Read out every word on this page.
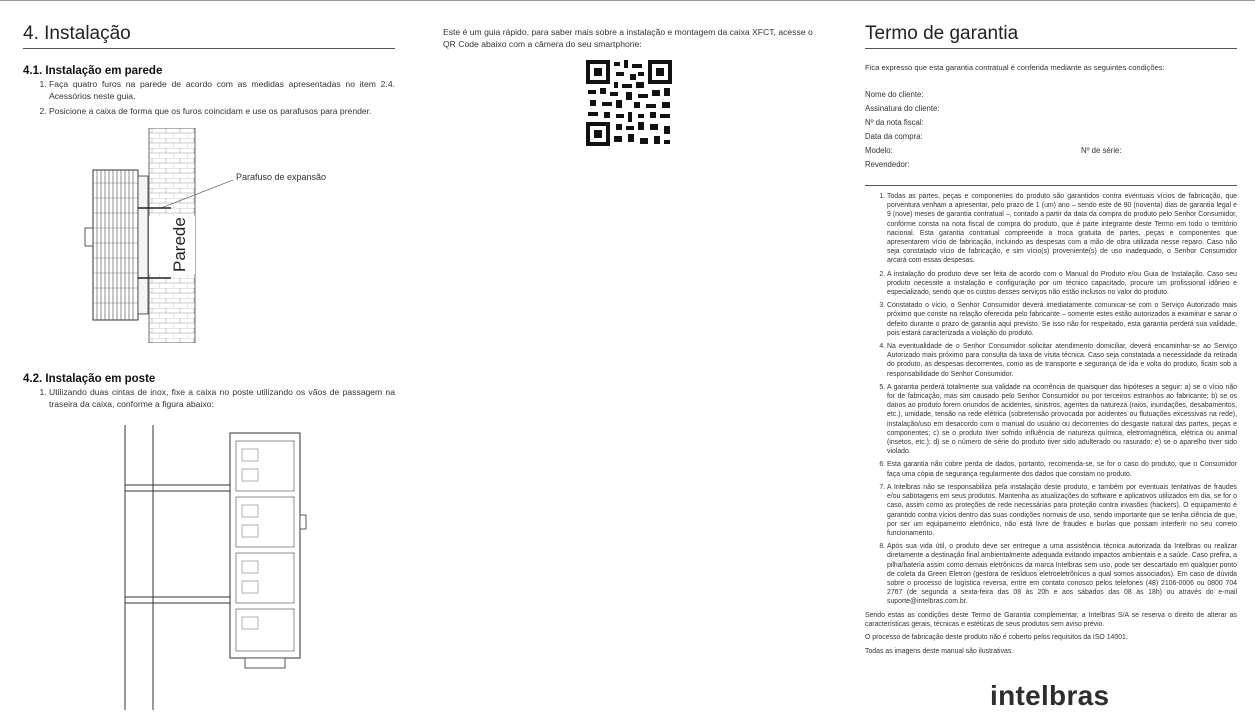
4. Instalação
4.1. Instalação em parede
1. Faça quatro furos na parede de acordo com as medidas apresentadas no item 2.4. Acessórios neste guia.
2. Posicione a caixa de forma que os furos coincidam e use os parafusos para prender.
Parede
Parafuso de expansão
4.2. Instalação em poste
1. Utilizando duas cintas de inox, fixe a caixa no poste utilizando os vãos de passagem na traseira da caixa, conforme a figura abaixo:
Este é um guia rápido, para saber mais sobre a instalação e montagem da caixa XFCT, acesse o QR Code abaixo com a câmera do seu smartphone:	Termo de garantia
Fica expresso que esta garantia contratual é conferida mediante as seguintes condições:
Nome do cliente:
Assinatura do cliente:
Nº da nota fiscal:
Data da compra:
Modelo:	Nº de série:
Revendedor:
1. Todas as partes, peças e componentes do produto são garantidos contra eventuais vícios de fabricação, que porventura venham a apresentar, pelo prazo de 1 (um) ano – sendo este de 90 (noventa) dias de garantia legal e 9 (nove) meses de garantia contratual –, contado a partir da data da compra do produto pelo Senhor Consumidor, conforme consta na nota fiscal de compra do produto, que é parte integrante deste Termo em todo o território nacional. Esta garantia contratual compreende a troca gratuita de partes, peças e componentes que apresentarem vício de fabricação, incluindo as despesas com a mão de obra utilizada nesse reparo. Caso não seja constatado vício de fabricação, e sim vício(s) proveniente(s) de uso inadequado, o Senhor Consumidor arcará com essas despesas.
2. A instalação do produto deve ser feita de acordo com o Manual do Produto e/ou Guia de Instalação. Caso seu produto necessite a instalação e configuração por um técnico capacitado, procure um profissional idôneo e especializado, sendo que os custos desses serviços não estão inclusos no valor do produto.
3. Constatado o vício, o Senhor Consumidor deverá imediatamente comunicar-se com o Serviço Autorizado mais próximo que conste na relação oferecida pelo fabricante – somente estes estão autorizados a examinar e sanar o defeito durante o prazo de garantia aqui previsto. Se isso não for respeitado, esta garantia perderá sua validade, pois estará caracterizada a violação do produto.
4. Na eventualidade de o Senhor Consumidor solicitar atendimento domiciliar, deverá encaminhar-se ao Serviço Autorizado mais próximo para consulta da taxa de visita técnica. Caso seja constatada a necessidade da retirada do produto, as despesas decorrentes, como as de transporte e segurança de ida e volta do produto, ficam sob a responsabilidade do Senhor Consumidor.
5. A garantia perderá totalmente sua validade na ocorrência de quaisquer das hipóteses a seguir: a) se o vício não for de fabricação, mas sim causado pelo Senhor Consumidor ou por terceiros estranhos ao fabricante; b) se os danos ao produto forem oriundos de acidentes, sinistros, agentes da natureza (raios, inundações, desabamentos, etc.), umidade, tensão na rede elétrica (sobretensão provocada por acidentes ou flutuações excessivas na rede), instalação/uso em desacordo com o manual do usuário ou decorrentes do desgaste natural das partes, peças e componentes; c) se o produto tiver sofrido influência de natureza química, eletromagnética, elétrica ou animal (insetos, etc.); d) se o número de série do produto tiver sido adulterado ou rasurado; e) se o aparelho tiver sido violado.
6. Esta garantia não cobre perda de dados, portanto, recomenda-se, se for o caso do produto, que o Consumidor faça uma cópia de segurança regularmente dos dados que constam no produto.
7. A Intelbras não se responsabiliza pela instalação deste produto, e também por eventuais tentativas de fraudes e/ou sabotagens em seus produtos. Mantenha as atualizações do software e aplicativos utilizados em dia, se for o caso, assim como as proteções de rede necessárias para proteção contra invasões (hackers). O equipamento é garantido contra vícios dentro das suas condições normais de uso, sendo importante que se tenha ciência de que, por ser um equipamento eletrônico, não está livre de fraudes e burlas que possam interferir no seu correto funcionamento.
8. Após sua vida útil, o produto deve ser entregue a uma assistência técnica autorizada da Intelbras ou realizar diretamente a destinação final ambientalmente adequada evitando impactos ambientais e a saúde. Caso prefira, a pilha/bateria assim como demais eletrônicos da marca Intelbras sem uso, pode ser descartado em qualquer ponto de coleta da Green Eletron (gestora de resíduos eletroeletrônicos a qual somos associados). Em caso de dúvida sobre o processo de logística reversa, entre em contato conosco pelos telefones (48) 2106-0006 ou 0800 704 2767 (de segunda a sexta-feira das 08 às 20h e aos sábados das 08 às 18h) ou através do e-mail suporte@intelbras.com.br.

Sendo estas as condições deste Termo de Garantia complementar, a Intelbras S/A se reserva o direito de alterar as características gerais, técnicas e estéticas de seus produtos sem aviso prévio.

O processo de fabricação deste produto não é coberto pelos requisitos da ISO 14001.

Todas as imagens deste manual são ilustrativas.

intelbras
